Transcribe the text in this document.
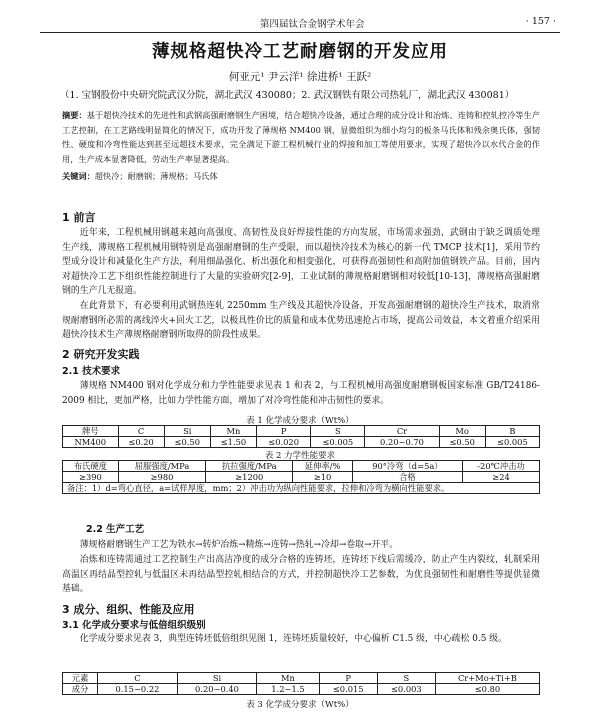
第四届钛合金钢学术年会	· 157 ·
薄规格超快冷工艺耐磨钢的开发应用
何亚元¹ 尹云洋¹ 徐进桥¹ 王跃²
（1. 宝钢股份中央研究院武汉分院，湖北武汉 430080；2. 武汉钢铁有限公司热轧厂，湖北武汉 430081）
摘要：基于超快冷技术的先进性和武钢高强耐磨钢生产困境，结合超快冷设备，通过合理的成分设计和冶炼、连铸和控轧控冷等生产工艺控制，在工艺路线明显简化的情况下，成功开发了薄规格 NM400 钢，显微组织为细小均匀的板条马氏体和残余奥氏体，强韧性、硬度和冷弯性能达到甚至远超技术要求，完全满足下游工程机械行业的焊接和加工等使用要求，实现了超快冷以水代合金的作用，生产成本显著降低，劳动生产率显著提高。
关键词：超快冷；耐磨钢；薄规格；马氏体
1 前言

近年来，工程机械用钢越来越向高强度、高韧性及良好焊接性能的方向发展，市场需求强劲，武钢由于缺乏调质处理生产线，薄规格工程机械用钢特别是高强耐磨钢的生产受限，而以超快冷技术为核心的新一代 TMCP 技术[1]，采用节约型成分设计和减量化生产方法，利用细晶强化、析出强化和相变强化，可获得高强韧性和高附加值钢铁产品。目前，国内对超快冷工艺下组织性能控制进行了大量的实验研究[2-9]，工业试制的薄规格耐磨钢相对较低[10-13]，薄规格高强耐磨钢的生产几无报道。

在此背景下，有必要利用武钢热连轧 2250mm 生产线及其超快冷设备，开发高强耐磨钢的超快冷生产技术，取消常规耐磨钢所必需的离线淬火+回火工艺，以极具性价比的质量和成本优势迅速抢占市场，提高公司效益，本文着重介绍采用超快冷技术生产薄规格耐磨钢所取得的阶段性成果。

2 研究开发实践
2.1 技术要求

薄规格 NM400 钢对化学成分和力学性能要求见表 1 和表 2，与工程机械用高强度耐磨钢板国家标准 GB/T24186-2009 相比，更加严格，比如力学性能方面，增加了对冷弯性能和冲击韧性的要求。

表 1 化学成分要求（Wt%）
牌号	C	Si	Mn	P	S	Cr	Mo	B
NM400	≤0.20	≤0.50	≤1.50	≤0.020	≤0.005	0.20~0.70	≤0.50	≤0.005
表 2 力学性能要求
布氏硬度	屈服强度/MPa	抗拉强度/MPa	延伸率/%	90°冷弯（d=5a）	-20℃冲击功
≥390	≥980	≥1200	≥10	合格	≥24
备注：1）d=弯心直径，a=试样厚度，mm；2）冲击功为纵向性能要求，拉伸和冷弯为横向性能要求。					
2.2 生产工艺

薄规格耐磨钢生产工艺为铁水→转炉冶炼→精炼→连铸→热轧→冷却→卷取→开平。

冶炼和连铸需通过工艺控制生产出高洁净度的成分合格的连铸坯，连铸坯下线后需缓冷，防止产生内裂纹，轧制采用高温区再结晶型控轧与低温区未再结晶型控轧相结合的方式，并控制超快冷工艺参数，为优良强韧性和耐磨性等提供显微基础。

3 成分、组织、性能及应用
3.1 化学成分要求与低倍组织级别

化学成分要求见表 3，典型连铸坯低倍组织见图 1，连铸坯质量较好，中心偏析 C1.5 级，中心疏松 0.5 级。

元素	C	Si	Mn	P	S	Cr+Mo+Ti+B
成分	0.15~0.22	0.20~0.40	1.2~1.5	≤0.015	≤0.003	≤0.80
表 3 化学成分要求（Wt%）
